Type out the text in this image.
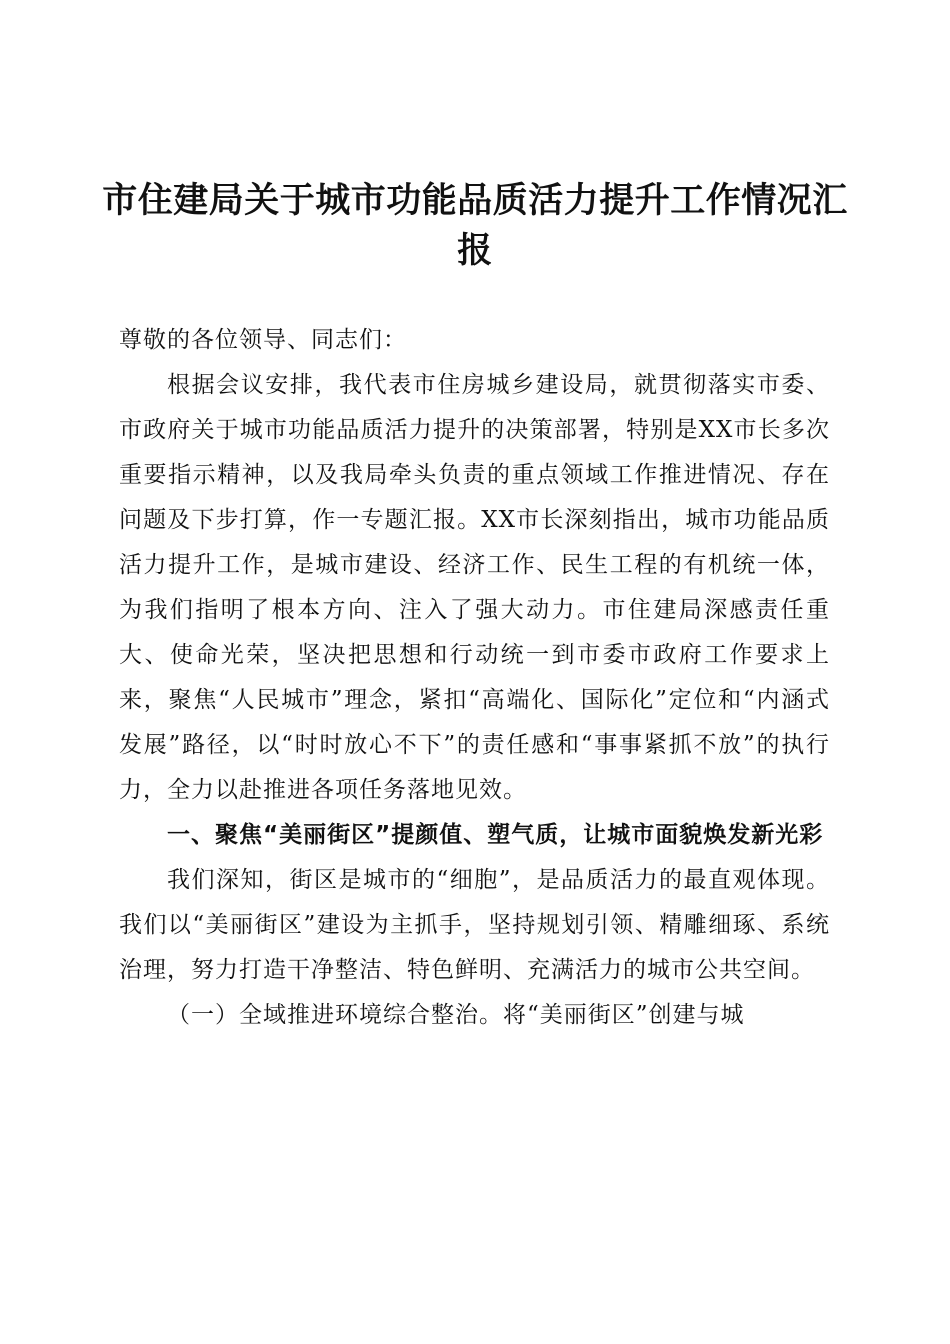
市住建局关于城市功能品质活力提升工作情况汇报

尊敬的各位领导、同志们：

根据会议安排，我代表市住房城乡建设局，就贯彻落实市委、市政府关于城市功能品质活力提升的决策部署，特别是XX市长多次重要指示精神，以及我局牵头负责的重点领域工作推进情况、存在问题及下步打算，作一专题汇报。XX市长深刻指出，城市功能品质活力提升工作，是城市建设、经济工作、民生工程的有机统一体，为我们指明了根本方向、注入了强大动力。市住建局深感责任重大、使命光荣，坚决把思想和行动统一到市委市政府工作要求上来，聚焦“人民城市”理念，紧扣“高端化、国际化”定位和“内涵式发展”路径，以“时时放心不下”的责任感和“事事紧抓不放”的执行力，全力以赴推进各项任务落地见效。

一、聚焦“美丽街区”提颜值、塑气质，让城市面貌焕发新光彩

我们深知，街区是城市的“细胞”，是品质活力的最直观体现。我们以“美丽街区”建设为主抓手，坚持规划引领、精雕细琢、系统治理，努力打造干净整洁、特色鲜明、充满活力的城市公共空间。

（一）全域推进环境综合整治。将“美丽街区”创建与城
